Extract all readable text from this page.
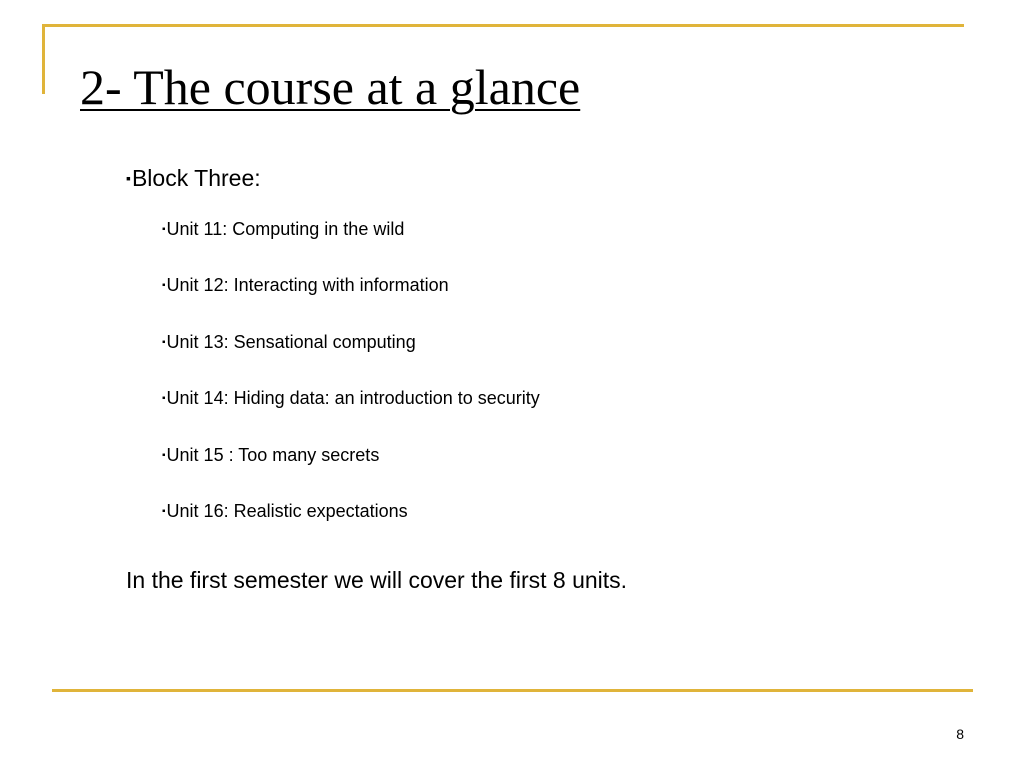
2- The course at a glance
▪Block Three:
▪Unit 11: Computing in the wild
▪Unit 12: Interacting with information
▪Unit 13: Sensational computing
▪Unit 14: Hiding data: an introduction to security
▪Unit 15 : Too many secrets
▪Unit 16: Realistic expectations
In the first semester we will cover the first 8 units.
8
